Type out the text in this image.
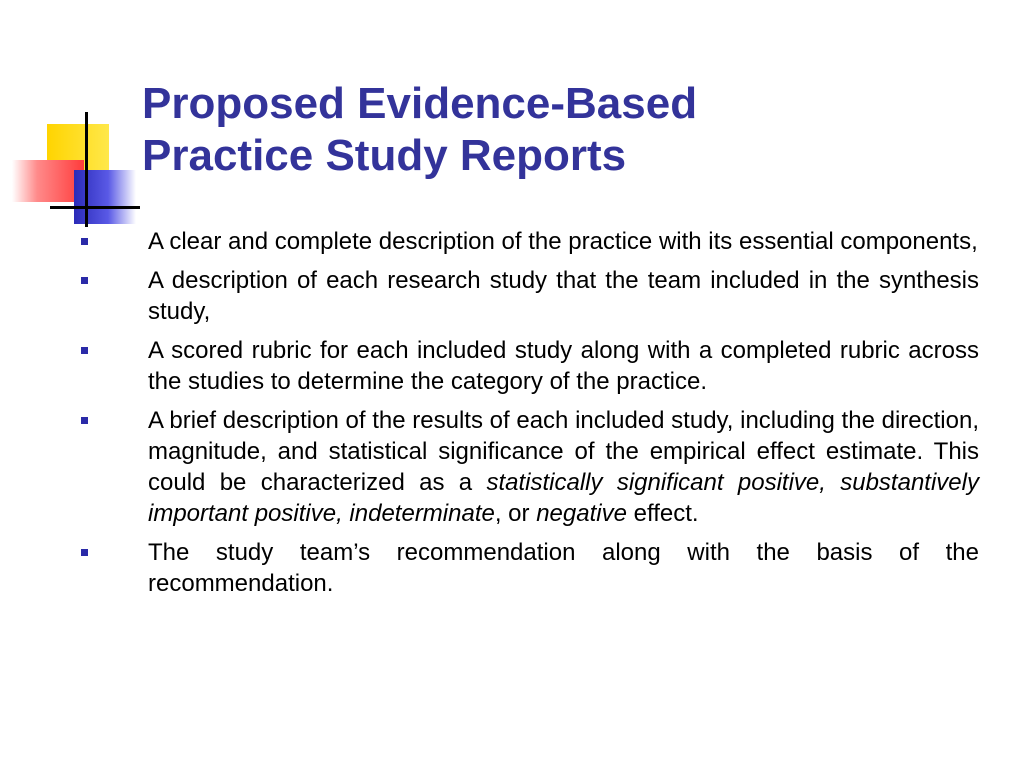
Proposed Evidence-Based
Practice Study Reports
A clear and complete description of the practice with its essential components,
A description of each research study that the team included in the synthesis study,
A scored rubric for each included study along with a completed rubric across the studies to determine the category of the practice.
A brief description of the results of each included study, including the direction, magnitude, and statistical significance of the empirical effect estimate. This could be characterized as a statistically significant positive, substantively important positive, indeterminate, or negative effect.
The study team’s recommendation along with the basis of the recommendation.
